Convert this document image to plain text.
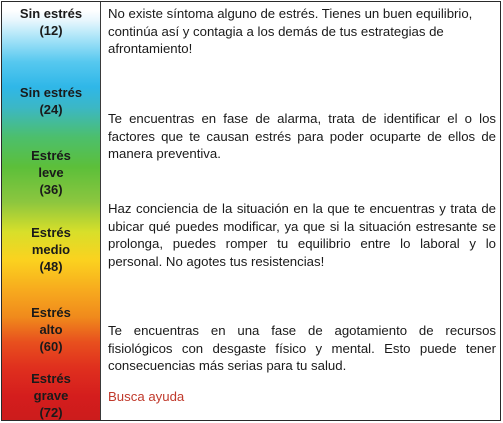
Sin estrés
(12)
Sin estrés
(24)
Estrés leve
(36)
Estrés medio
(48)
Estrés alto
(60)
Estrés grave
(72)
No existe síntoma alguno de estrés. Tienes un buen equilibrio, continúa así y contagia a los demás de tus estrategias de afrontamiento!
Te encuentras en fase de alarma, trata de identificar el o los factores que te causan estrés para poder ocuparte de ellos de manera preventiva.
Haz conciencia de la situación en la que te encuentras y trata de ubicar qué puedes modificar, ya que si la situación estresante se prolonga, puedes romper tu equilibrio entre lo laboral y lo personal. No agotes tus resistencias!
Te encuentras en una fase de agotamiento de recursos fisiológicos con desgaste físico y mental. Esto puede tener consecuencias más serias para tu salud.
Busca ayuda
